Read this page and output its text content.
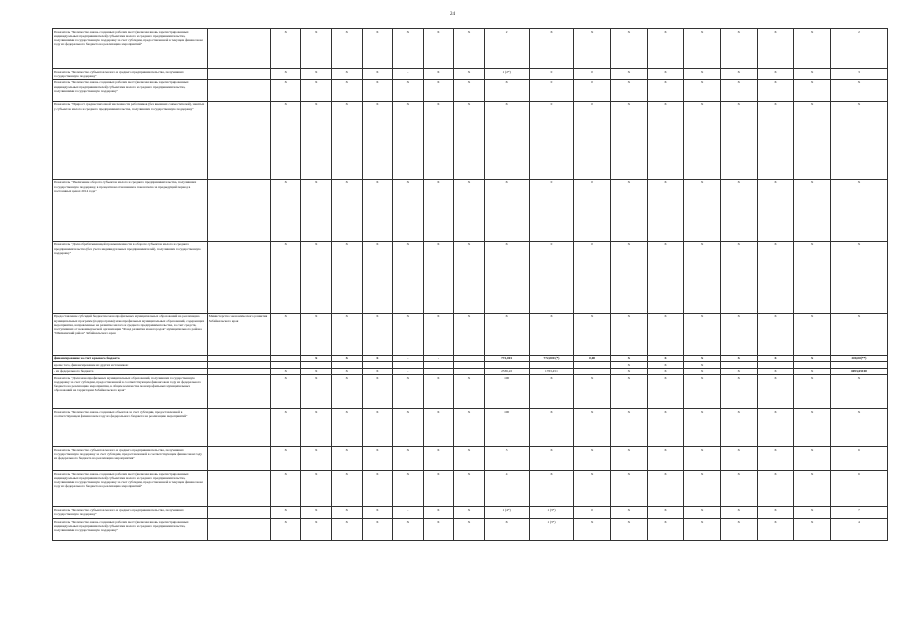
24
Показатель "Количество вновь созданных рабочих мест (включая вновь зарегистрированных индивидуальных предпринимателей) субъектами малого и среднего предпринимательства, получившими государственную поддержку за счет субсидии, предоставленной в текущем финансовом году из федерального бюджета на реализацию мероприятий"		X	X	X	X	X	X	X	2	X	X	X	X	X	X	X	X	2
Показатель "Количество субъектов малого и среднего предпринимательства, получивших государственную поддержку"		X	X	X	X	-	X	X	1 (2*)	0	0	X	X	X	X	X	X	3
Показатель "Количество вновь созданных рабочих мест (включая вновь зарегистрированных индивидуальных предпринимателей) субъектами малого и среднего предпринимательства, получившими государственную поддержку"		X	X	X	X	X	X	X	X	0	0	X	X	X	X	X	X	X
Показатель "Прирост среднесписочной численности работников (без внешних совместителей), занятых у субъектов малого и среднего предпринимательства, получивших государственную поддержку"		X	X	X	X	X	X	X	X	0	0	X	X	X	X	X	X	X
Показатель "Увеличение оборота субъектов малого и среднего предпринимательства, получивших государственную поддержку, в процентном отношении к показателю за предыдущий период в постоянных ценах 2014 года"		X	X	X	X	X	X	X	X	0	0	X	X	X	X	X	X	X
Показатель "Доля обрабатывающей промышленности в обороте субъектов малого и среднего предпринимательства (без учета индивидуальных предпринимателей), получивших государственную поддержку"		X	X	X	X	X	X	X	X	0	0	X	X	X	X	X	X	X
Предоставление субсидий бюджетам монопрофильных муниципальных образований на реализацию муниципальных программ (подпрограмм) монопрофильных муниципальных образований, содержащих мероприятия, направленные на развитие малого и среднего предпринимательства, за счет средств, поступивших от некоммерческой организации "Фонд развития моногородов" муниципального района "Шилкинский район" Забайкальского края	Министерство экономического развития Забайкальского края	X	X	X	X	X	X	X	X	X	X	X	X	X	X	X	X	X
финансирование за счет краевого бюджета			X	X	X	-	-		772,001	772,000 (*)	0,00	X	X	X	X	X	X	200,00(**)
кроме того, финансирование из других источников:												X	X	X				
- из федерального бюджета		X	X	X	X	-			2336,22	1763,451		X	X	X	X	X	X	4693,65100
Показатель "Доля монопрофильных муниципальных образований, получивших государственную поддержку за счет субсидии, предоставленной в соответствующем финансовом году из федерального бюджета на реализацию мероприятия, в общем количестве монопрофильных муниципальных образований на территории Забайкальского края"		X	X	X	X	X	X	X	100	X	X	X	X	X	X	X	X	X
Показатель "Количество вновь созданных объектов за счет субсидии, предоставленной в соответствующем финансовом году из федерального бюджета на реализацию мероприятий"		X	X	X	X	X	X	X	100	X	X	X	X	X	X	X	X	X
Показатель "Количество субъектов малого и среднего предпринимательства, получивших государственную поддержку за счет субсидии, предоставленной в соответствующем финансовом году из федерального бюджета на реализацию мероприятия"		X	X	X	X	X	X	X	3	X	X	X	X	X	X	X	X	6
Показатель "Количество вновь созданных рабочих мест (включая вновь зарегистрированных индивидуальных предпринимателей) субъектами малого и среднего предпринимательства, получившими государственную поддержку за счет субсидии, предоставленной в текущем финансовом году из федерального бюджета на реализацию мероприятий"		X	X	X	X	X	X	X	4	X	X	X	X	X	X	X	X	6
Показатель "Количество субъектов малого и среднего предпринимательства, получивших государственную поддержку"		X	X	X	X	-	X	X	1 (4*)	1 (3*)	0	X	X	X	X	X	X	7
Показатель "Количество вновь созданных рабочих мест (включая вновь зарегистрированных индивидуальных предпринимателей) субъектами малого и среднего предпринимательства, получившими государственную поддержку"		X	X	X	X	X	X	X	X	1 (3*)	X	X	X	X	X	X	X	4
